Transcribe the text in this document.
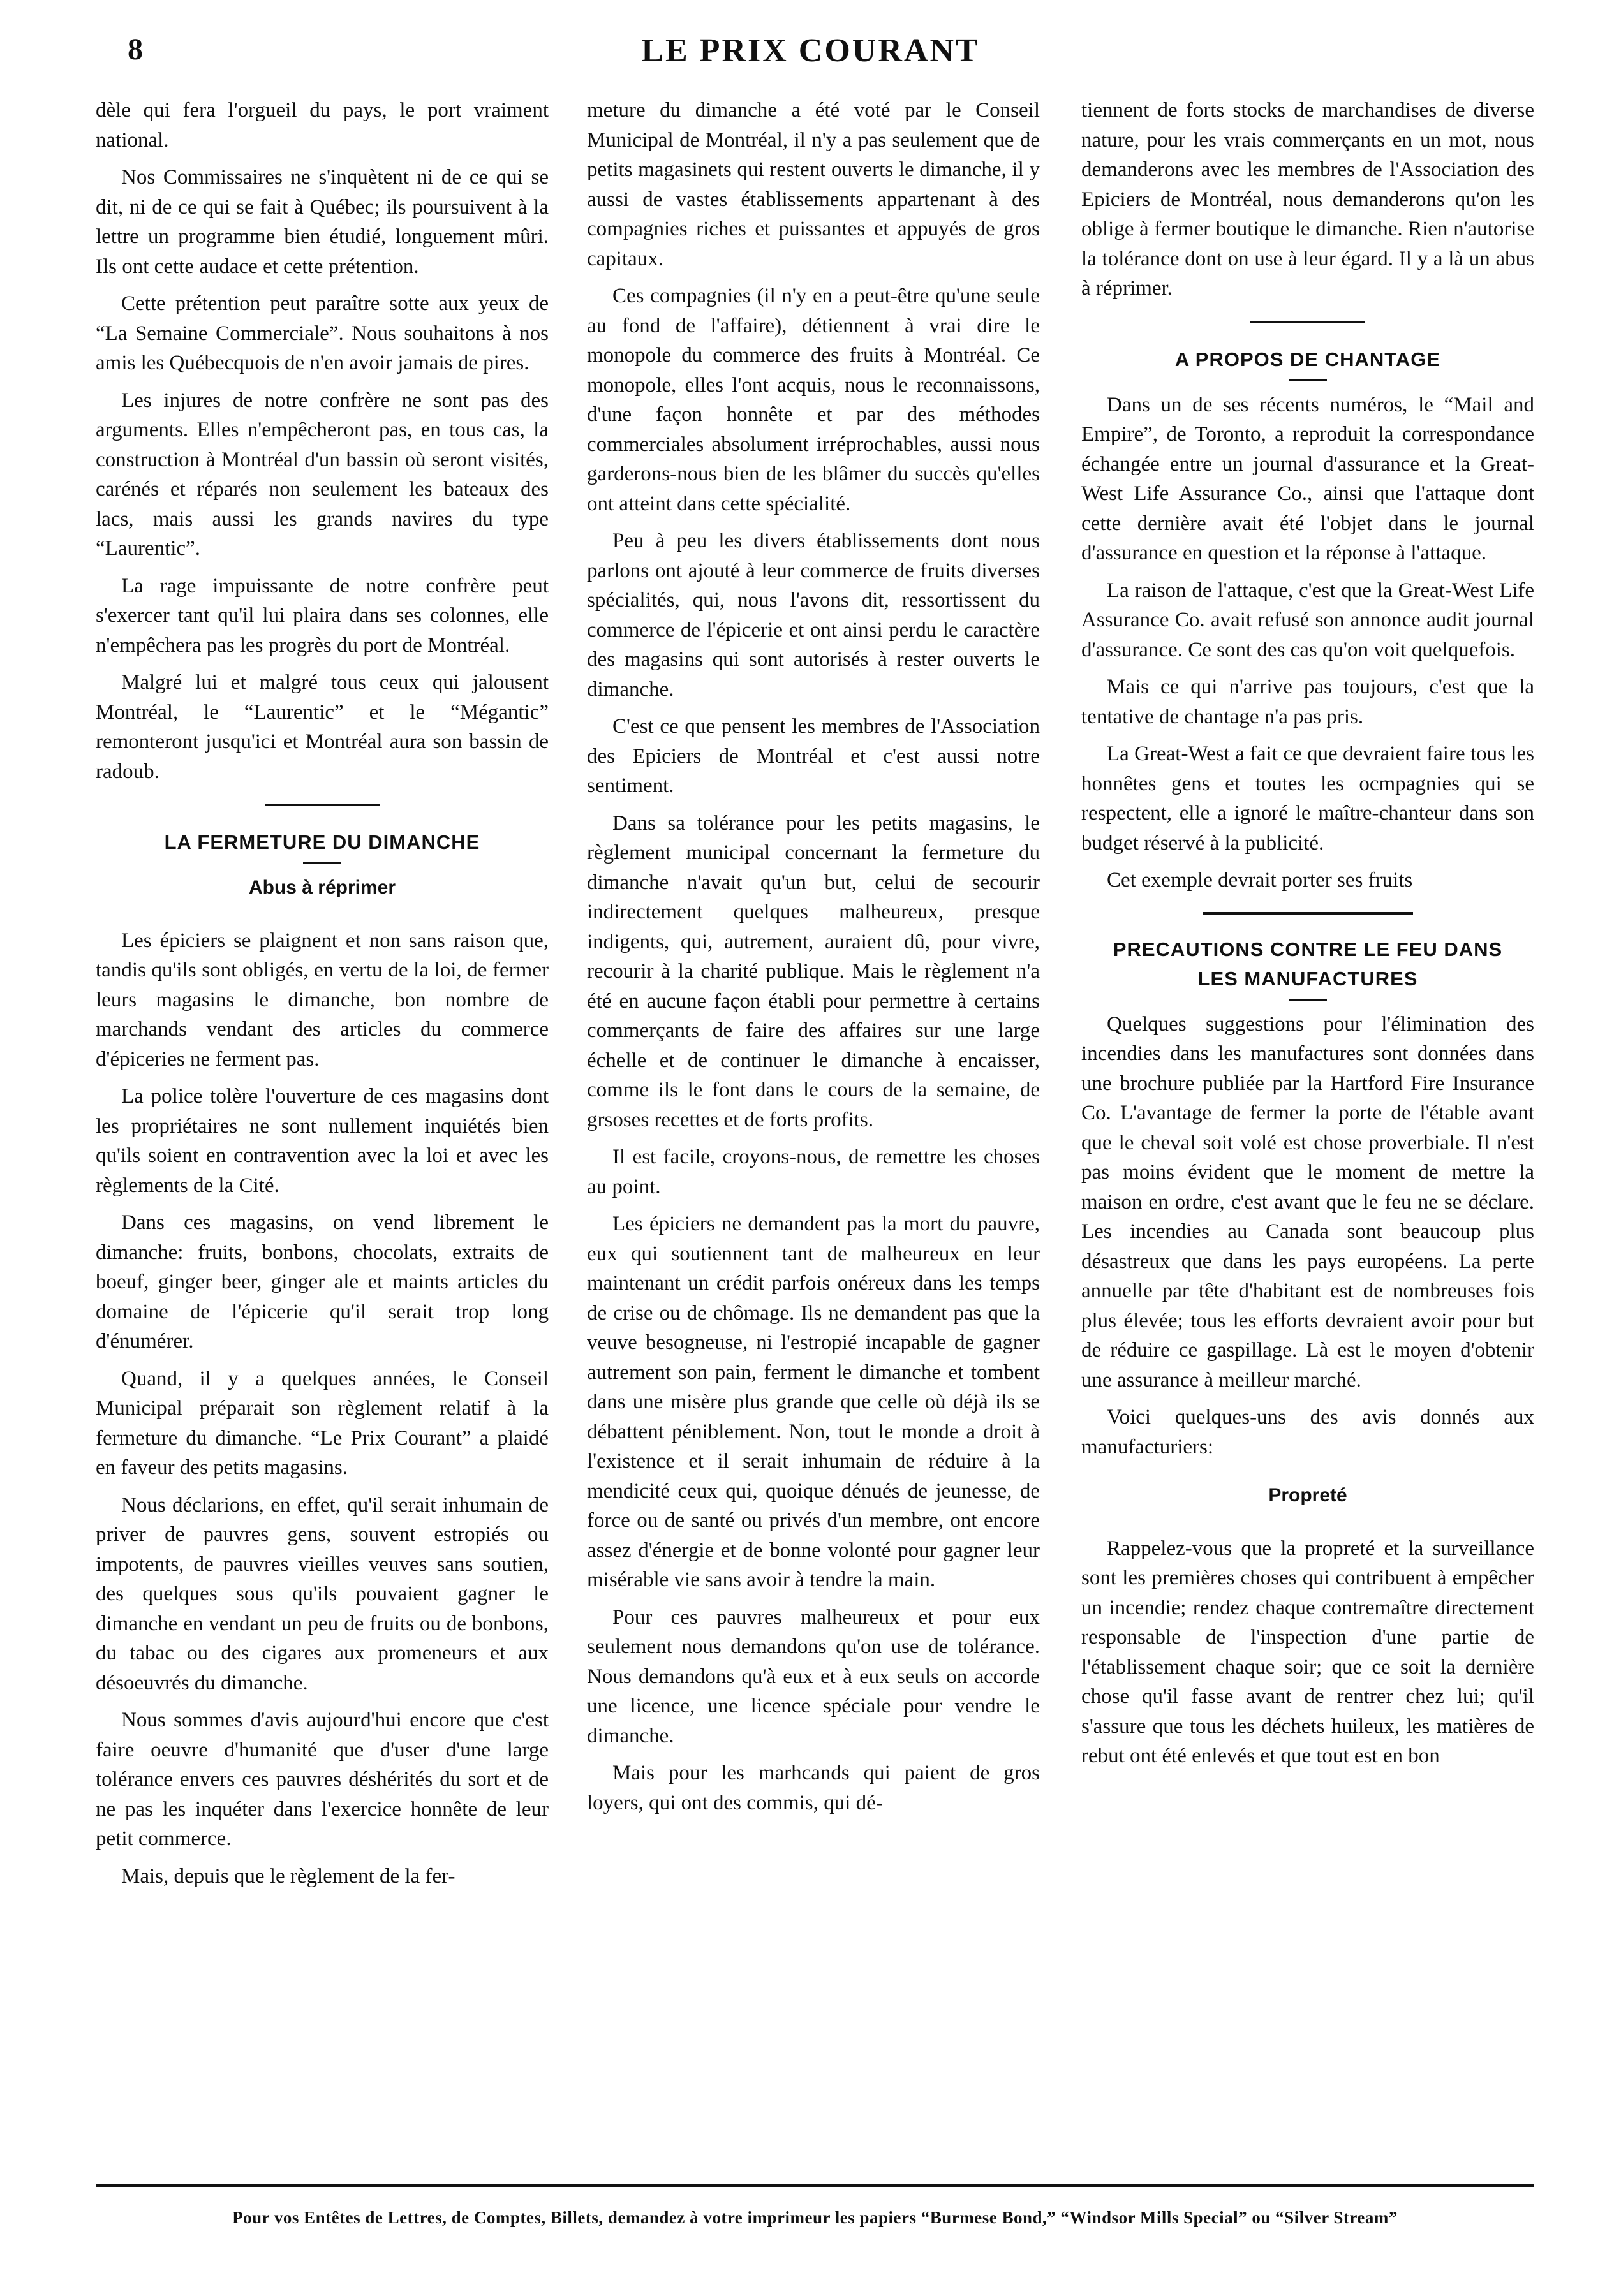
8	LE PRIX COURANT

dèle qui fera l'orgueil du pays, le port vraiment national.

Nos Commissaires ne s'inquètent ni de ce qui se dit, ni de ce qui se fait à Québec; ils poursuivent à la lettre un programme bien étudié, longuement mûri. Ils ont cette audace et cette prétention.

Cette prétention peut paraître sotte aux yeux de “La Semaine Commerciale”. Nous souhaitons à nos amis les Québecquois de n'en avoir jamais de pires.

Les injures de notre confrère ne sont pas des arguments. Elles n'empêcheront pas, en tous cas, la construction à Montréal d'un bassin où seront visités, carénés et réparés non seulement les bateaux des lacs, mais aussi les grands navires du type “Laurentic”.

La rage impuissante de notre confrère peut s'exercer tant qu'il lui plaira dans ses colonnes, elle n'empêchera pas les progrès du port de Montréal.

Malgré lui et malgré tous ceux qui jalousent Montréal, le “Laurentic” et le “Mégantic” remonteront jusqu'ici et Montréal aura son bassin de radoub.

LA FERMETURE DU DIMANCHE
Abus à réprimer

Les épiciers se plaignent et non sans raison que, tandis qu'ils sont obligés, en vertu de la loi, de fermer leurs magasins le dimanche, bon nombre de marchands vendant des articles du commerce d'épiceries ne ferment pas.

La police tolère l'ouverture de ces magasins dont les propriétaires ne sont nullement inquiétés bien qu'ils soient en contravention avec la loi et avec les règlements de la Cité.

Dans ces magasins, on vend librement le dimanche: fruits, bonbons, chocolats, extraits de boeuf, ginger beer, ginger ale et maints articles du domaine de l'épicerie qu'il serait trop long d'énumérer.

Quand, il y a quelques années, le Conseil Municipal préparait son règlement relatif à la fermeture du dimanche. “Le Prix Courant” a plaidé en faveur des petits magasins.

Nous déclarions, en effet, qu'il serait inhumain de priver de pauvres gens, souvent estropiés ou impotents, de pauvres vieilles veuves sans soutien, des quelques sous qu'ils pouvaient gagner le dimanche en vendant un peu de fruits ou de bonbons, du tabac ou des cigares aux promeneurs et aux désoeuvrés du dimanche.

Nous sommes d'avis aujourd'hui encore que c'est faire oeuvre d'humanité que d'user d'une large tolérance envers ces pauvres déshérités du sort et de ne pas les inquéter dans l'exercice honnête de leur petit commerce.

Mais, depuis que le règlement de la fer-

meture du dimanche a été voté par le Conseil Municipal de Montréal, il n'y a pas seulement que de petits magasinets qui restent ouverts le dimanche, il y aussi de vastes établissements appartenant à des compagnies riches et puissantes et appuyés de gros capitaux.

Ces compagnies (il n'y en a peut-être qu'une seule au fond de l'affaire), détiennent à vrai dire le monopole du commerce des fruits à Montréal. Ce monopole, elles l'ont acquis, nous le reconnaissons, d'une façon honnête et par des méthodes commerciales absolument irréprochables, aussi nous garderons-nous bien de les blâmer du succès qu'elles ont atteint dans cette spécialité.

Peu à peu les divers établissements dont nous parlons ont ajouté à leur commerce de fruits diverses spécialités, qui, nous l'avons dit, ressortissent du commerce de l'épicerie et ont ainsi perdu le caractère des magasins qui sont autorisés à rester ouverts le dimanche.

C'est ce que pensent les membres de l'Association des Epiciers de Montréal et c'est aussi notre sentiment.

Dans sa tolérance pour les petits magasins, le règlement municipal concernant la fermeture du dimanche n'avait qu'un but, celui de secourir indirectement quelques malheureux, presque indigents, qui, autrement, auraient dû, pour vivre, recourir à la charité publique. Mais le règlement n'a été en aucune façon établi pour permettre à certains commerçants de faire des affaires sur une large échelle et de continuer le dimanche à encaisser, comme ils le font dans le cours de la semaine, de grsoses recettes et de forts profits.

Il est facile, croyons-nous, de remettre les choses au point.

Les épiciers ne demandent pas la mort du pauvre, eux qui soutiennent tant de malheureux en leur maintenant un crédit parfois onéreux dans les temps de crise ou de chômage. Ils ne demandent pas que la veuve besogneuse, ni l'estropié incapable de gagner autrement son pain, ferment le dimanche et tombent dans une misère plus grande que celle où déjà ils se débattent péniblement. Non, tout le monde a droit à l'existence et il serait inhumain de réduire à la mendicité ceux qui, quoique dénués de jeunesse, de force ou de santé ou privés d'un membre, ont encore assez d'énergie et de bonne volonté pour gagner leur misérable vie sans avoir à tendre la main.

Pour ces pauvres malheureux et pour eux seulement nous demandons qu'on use de tolérance. Nous demandons qu'à eux et à eux seuls on accorde une licence, une licence spéciale pour vendre le dimanche.

Mais pour les marhcands qui paient de gros loyers, qui ont des commis, qui dé-

tiennent de forts stocks de marchandises de diverse nature, pour les vrais commerçants en un mot, nous demanderons avec les membres de l'Association des Epiciers de Montréal, nous demanderons qu'on les oblige à fermer boutique le dimanche. Rien n'autorise la tolérance dont on use à leur égard. Il y a là un abus à réprimer.

A PROPOS DE CHANTAGE

Dans un de ses récents numéros, le “Mail and Empire”, de Toronto, a reproduit la correspondance échangée entre un journal d'assurance et la Great-West Life Assurance Co., ainsi que l'attaque dont cette dernière avait été l'objet dans le journal d'assurance en question et la réponse à l'attaque.

La raison de l'attaque, c'est que la Great-West Life Assurance Co. avait refusé son annonce audit journal d'assurance. Ce sont des cas qu'on voit quelquefois.

Mais ce qui n'arrive pas toujours, c'est que la tentative de chantage n'a pas pris.

La Great-West a fait ce que devraient faire tous les honnêtes gens et toutes les ocmpagnies qui se respectent, elle a ignoré le maître-chanteur dans son budget réservé à la publicité.

Cet exemple devrait porter ses fruits

PRECAUTIONS CONTRE LE FEU DANS
LES MANUFACTURES

Quelques suggestions pour l'élimination des incendies dans les manufactures sont données dans une brochure publiée par la Hartford Fire Insurance Co. L'avantage de fermer la porte de l'étable avant que le cheval soit volé est chose proverbiale. Il n'est pas moins évident que le moment de mettre la maison en ordre, c'est avant que le feu ne se déclare. Les incendies au Canada sont beaucoup plus désastreux que dans les pays européens. La perte annuelle par tête d'habitant est de nombreuses fois plus élevée; tous les efforts devraient avoir pour but de réduire ce gaspillage. Là est le moyen d'obtenir une assurance à meilleur marché.

Voici quelques-uns des avis donnés aux manufacturiers:

Propreté

Rappelez-vous que la propreté et la surveillance sont les premières choses qui contribuent à empêcher un incendie; rendez chaque contremaître directement responsable de l'inspection d'une partie de l'établissement chaque soir; que ce soit la dernière chose qu'il fasse avant de rentrer chez lui; qu'il s'assure que tous les déchets huileux, les matières de rebut ont été enlevés et que tout est en bon

Pour vos Entêtes de Lettres, de Comptes, Billets, demandez à votre imprimeur les papiers “Burmese Bond,” “Windsor Mills Special” ou “Silver Stream”
